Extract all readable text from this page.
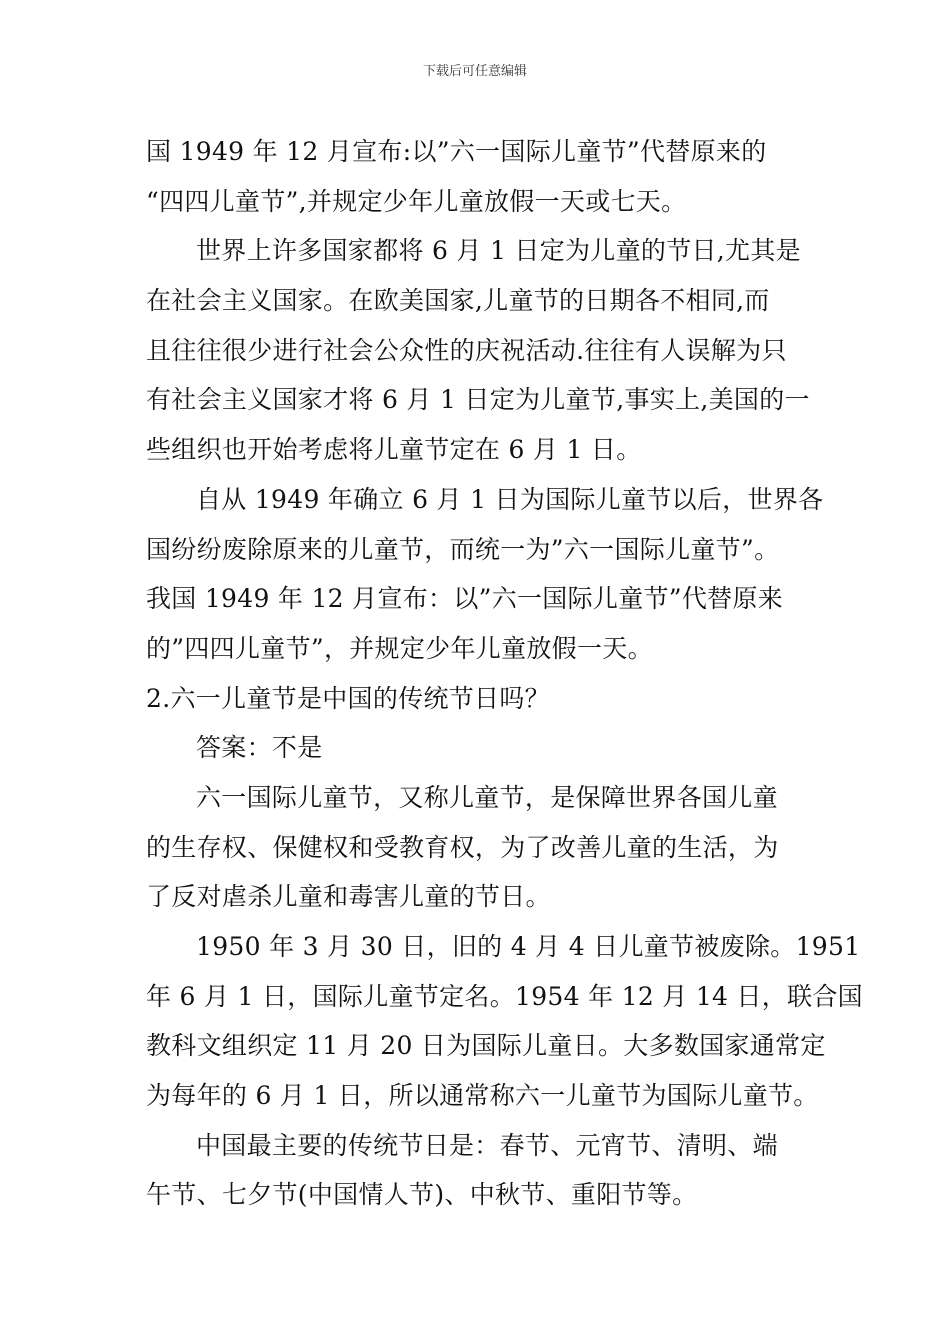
下载后可任意编辑

国 1949 年 12 月宣布:以”六一国际儿童节”代替原来的
“四四儿童节”,并规定少年儿童放假一天或七天。

世界上许多国家都将 6 月 1 日定为儿童的节日,尤其是
在社会主义国家。在欧美国家,儿童节的日期各不相同,而
且往往很少进行社会公众性的庆祝活动.往往有人误解为只
有社会主义国家才将 6 月 1 日定为儿童节,事实上,美国的一
些组织也开始考虑将儿童节定在 6 月 1 日。

自从 1949 年确立 6 月 1 日为国际儿童节以后，世界各
国纷纷废除原来的儿童节，而统一为”六一国际儿童节”。
我国 1949 年 12 月宣布：以”六一国际儿童节”代替原来
的”四四儿童节”，并规定少年儿童放假一天。

2.六一儿童节是中国的传统节日吗？

答案：不是

六一国际儿童节，又称儿童节，是保障世界各国儿童
的生存权、保健权和受教育权，为了改善儿童的生活，为
了反对虐杀儿童和毒害儿童的节日。

1950 年 3 月 30 日，旧的 4 月 4 日儿童节被废除。1951
年 6 月 1 日，国际儿童节定名。1954 年 12 月 14 日，联合国
教科文组织定 11 月 20 日为国际儿童日。大多数国家通常定
为每年的 6 月 1 日，所以通常称六一儿童节为国际儿童节。

中国最主要的传统节日是：春节、元宵节、清明、端
午节、七夕节(中国情人节)、中秋节、重阳节等。
